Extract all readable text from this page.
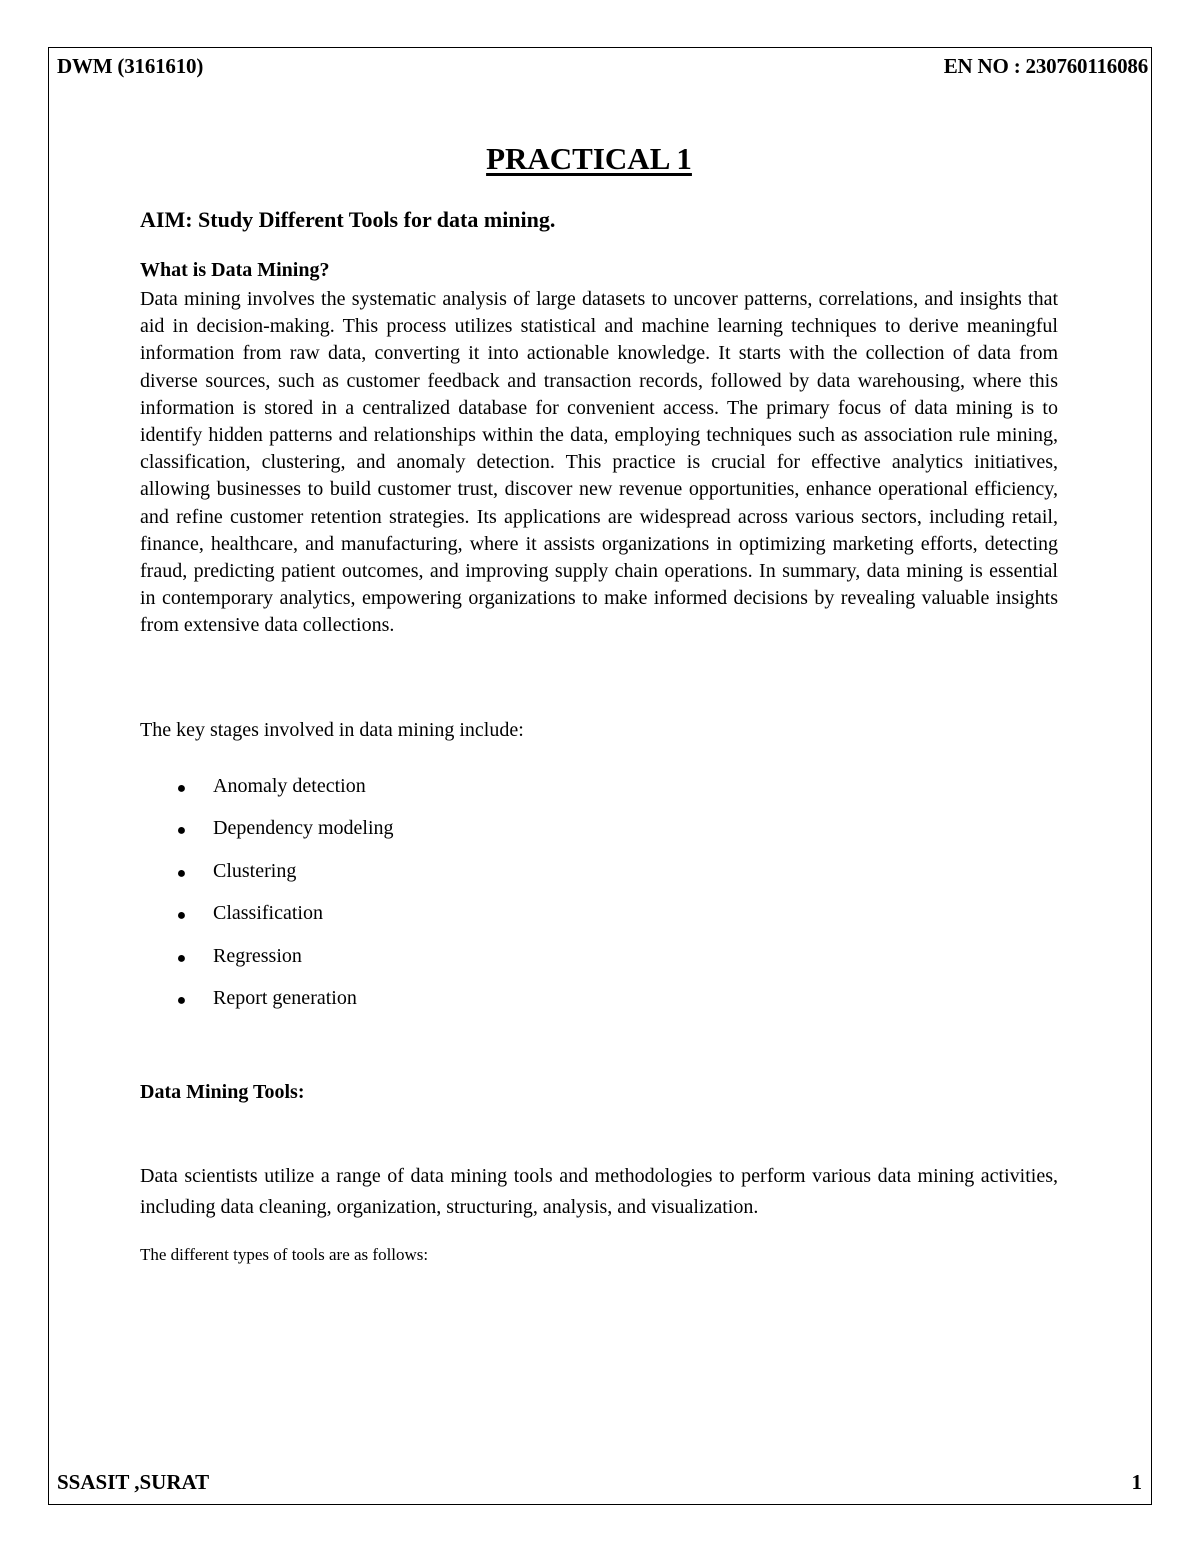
DWM (3161610)	EN NO : 230760116086
PRACTICAL 1
AIM: Study Different Tools for data mining.
What is Data Mining?

Data mining involves the systematic analysis of large datasets to uncover patterns, correlations, and insights that aid in decision-making. This process utilizes statistical and machine learning techniques to derive meaningful information from raw data, converting it into actionable knowledge. It starts with the collection of data from diverse sources, such as customer feedback and transaction records, followed by data warehousing, where this information is stored in a centralized database for convenient access. The primary focus of data mining is to identify hidden patterns and relationships within the data, employing techniques such as association rule mining, classification, clustering, and anomaly detection. This practice is crucial for effective analytics initiatives, allowing businesses to build customer trust, discover new revenue opportunities, enhance operational efficiency, and refine customer retention strategies. Its applications are widespread across various sectors, including retail, finance, healthcare, and manufacturing, where it assists organizations in optimizing marketing efforts, detecting fraud, predicting patient outcomes, and improving supply chain operations. In summary, data mining is essential in contemporary analytics, empowering organizations to make informed decisions by revealing valuable insights from extensive data collections.

The key stages involved in data mining include:
●	Anomaly detection
●	Dependency modeling
●	Clustering
●	Classification
●	Regression
●	Report generation
Data Mining Tools:

Data scientists utilize a range of data mining tools and methodologies to perform various data mining activities, including data cleaning, organization, structuring, analysis, and visualization.

The different types of tools are as follows:
SSASIT ,SURAT	1
